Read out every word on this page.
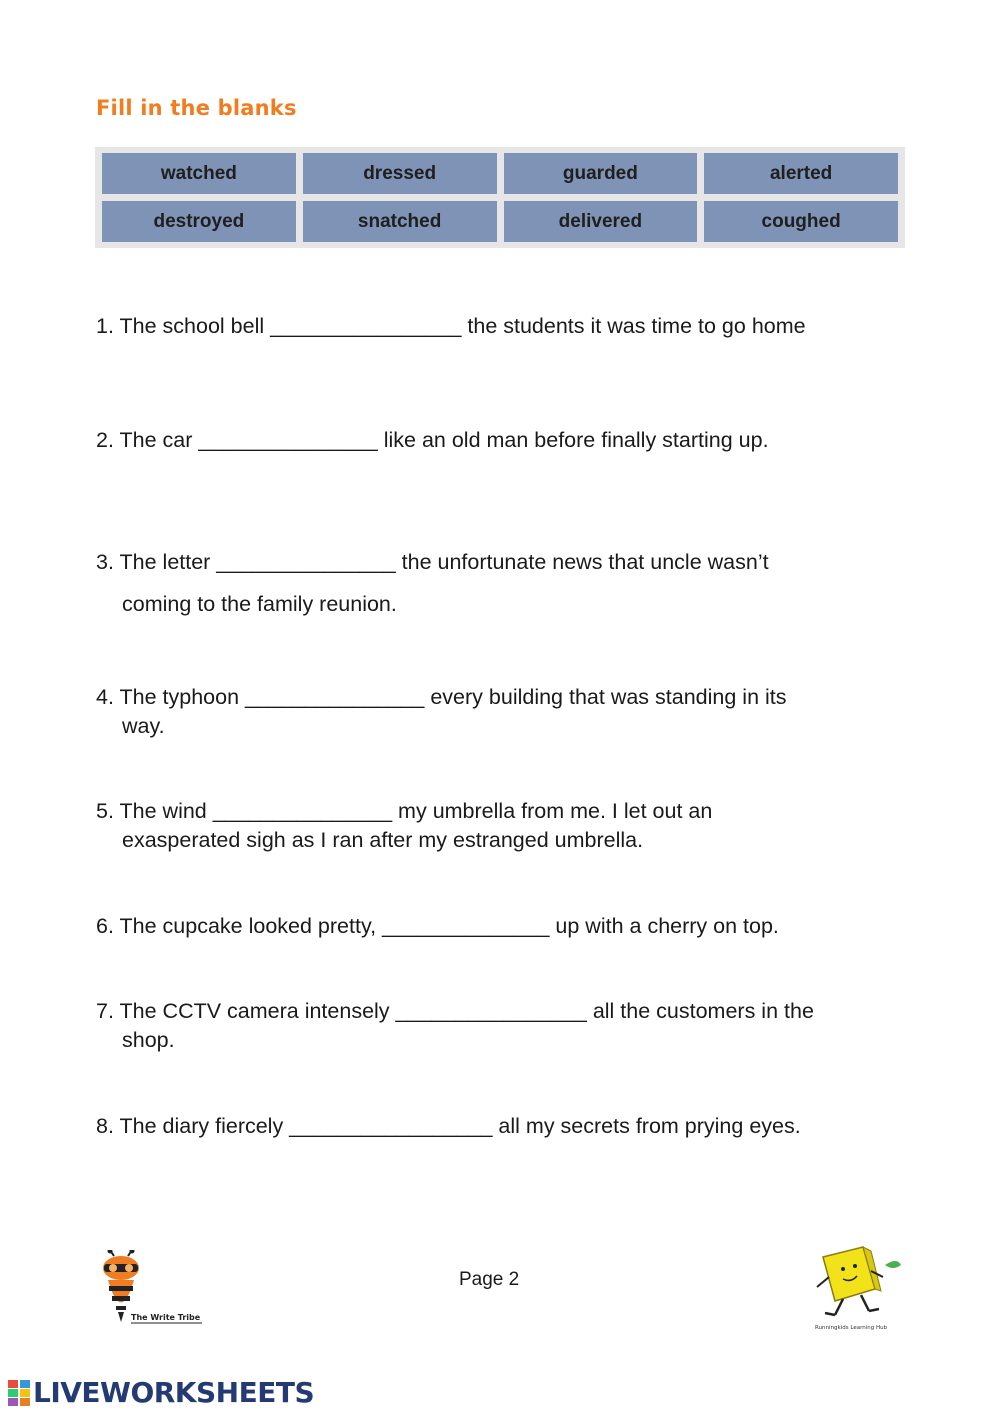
Fill in the blanks
watched	dressed	guarded	alerted
destroyed	snatched	delivered	coughed
1. The school bell ________________ the students it was time to go home
2. The car _______________ like an old man before finally starting up.
3. The letter _______________ the unfortunate news that uncle wasn’t
coming to the family reunion.
4. The typhoon _______________ every building that was standing in its
way.
5. The wind _______________ my umbrella from me. I let out an
exasperated sigh as I ran after my estranged umbrella.
6. The cupcake looked pretty, ______________ up with a cherry on top.
7. The CCTV camera intensely ________________ all the customers in the
shop.
8. The diary fiercely _________________ all my secrets from prying eyes.
The Write Tribe
Page 2
Runningkids Learning Hub
LIVEWORKSHEETS
